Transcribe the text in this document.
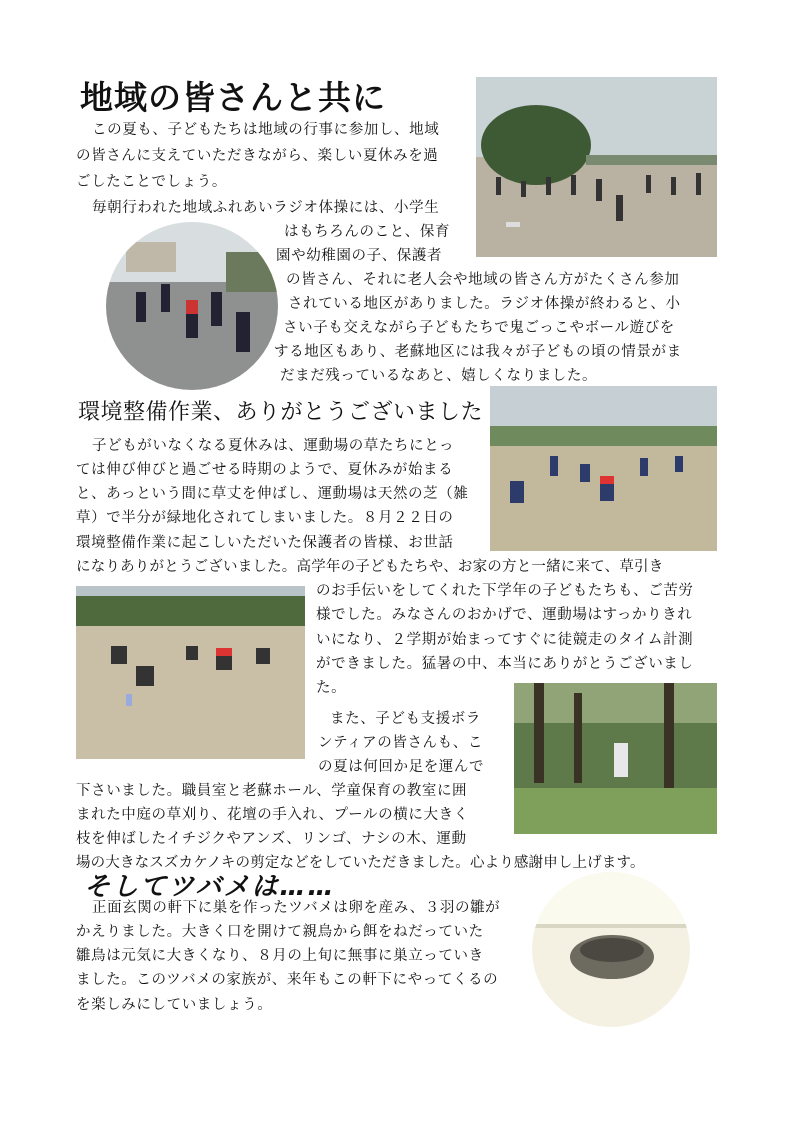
地域の皆さんと共に
この夏も、子どもたちは地域の行事に参加し、地域
の皆さんに支えていただきながら、楽しい夏休みを過
ごしたことでしょう。
毎朝行われた地域ふれあいラジオ体操には、小学生
はもちろんのこと、保育
園や幼稚園の子、保護者
の皆さん、それに老人会や地域の皆さん方がたくさん参加
されている地区がありました。ラジオ体操が終わると、小
さい子も交えながら子どもたちで鬼ごっこやボール遊びを
する地区もあり、老蘇地区には我々が子どもの頃の情景がま
だまだ残っているなあと、嬉しくなりました。
環境整備作業、ありがとうございました
子どもがいなくなる夏休みは、運動場の草たちにとっ
ては伸び伸びと過ごせる時期のようで、夏休みが始まる
と、あっという間に草丈を伸ばし、運動場は天然の芝（雑
草）で半分が緑地化されてしまいました。８月２２日の
環境整備作業に起こしいただいた保護者の皆様、お世話
になりありがとうございました。高学年の子どもたちや、お家の方と一緒に来て、草引き
のお手伝いをしてくれた下学年の子どもたちも、ご苦労
様でした。みなさんのおかげで、運動場はすっかりきれ
いになり、２学期が始まってすぐに徒競走のタイム計測
ができました。猛暑の中、本当にありがとうございまし
た。
また、子ども支援ボラ
ンティアの皆さんも、こ
の夏は何回か足を運んで
下さいました。職員室と老蘇ホール、学童保育の教室に囲
まれた中庭の草刈り、花壇の手入れ、プールの横に大きく
枝を伸ばしたイチジクやアンズ、リンゴ、ナシの木、運動
場の大きなスズカケノキの剪定などをしていただきました。心より感謝申し上げます。
そしてツバメは……
正面玄関の軒下に巣を作ったツバメは卵を産み、３羽の雛が
かえりました。大きく口を開けて親鳥から餌をねだっていた
雛鳥は元気に大きくなり、８月の上旬に無事に巣立っていき
ました。このツバメの家族が、来年もこの軒下にやってくるの
を楽しみにしていましょう。
